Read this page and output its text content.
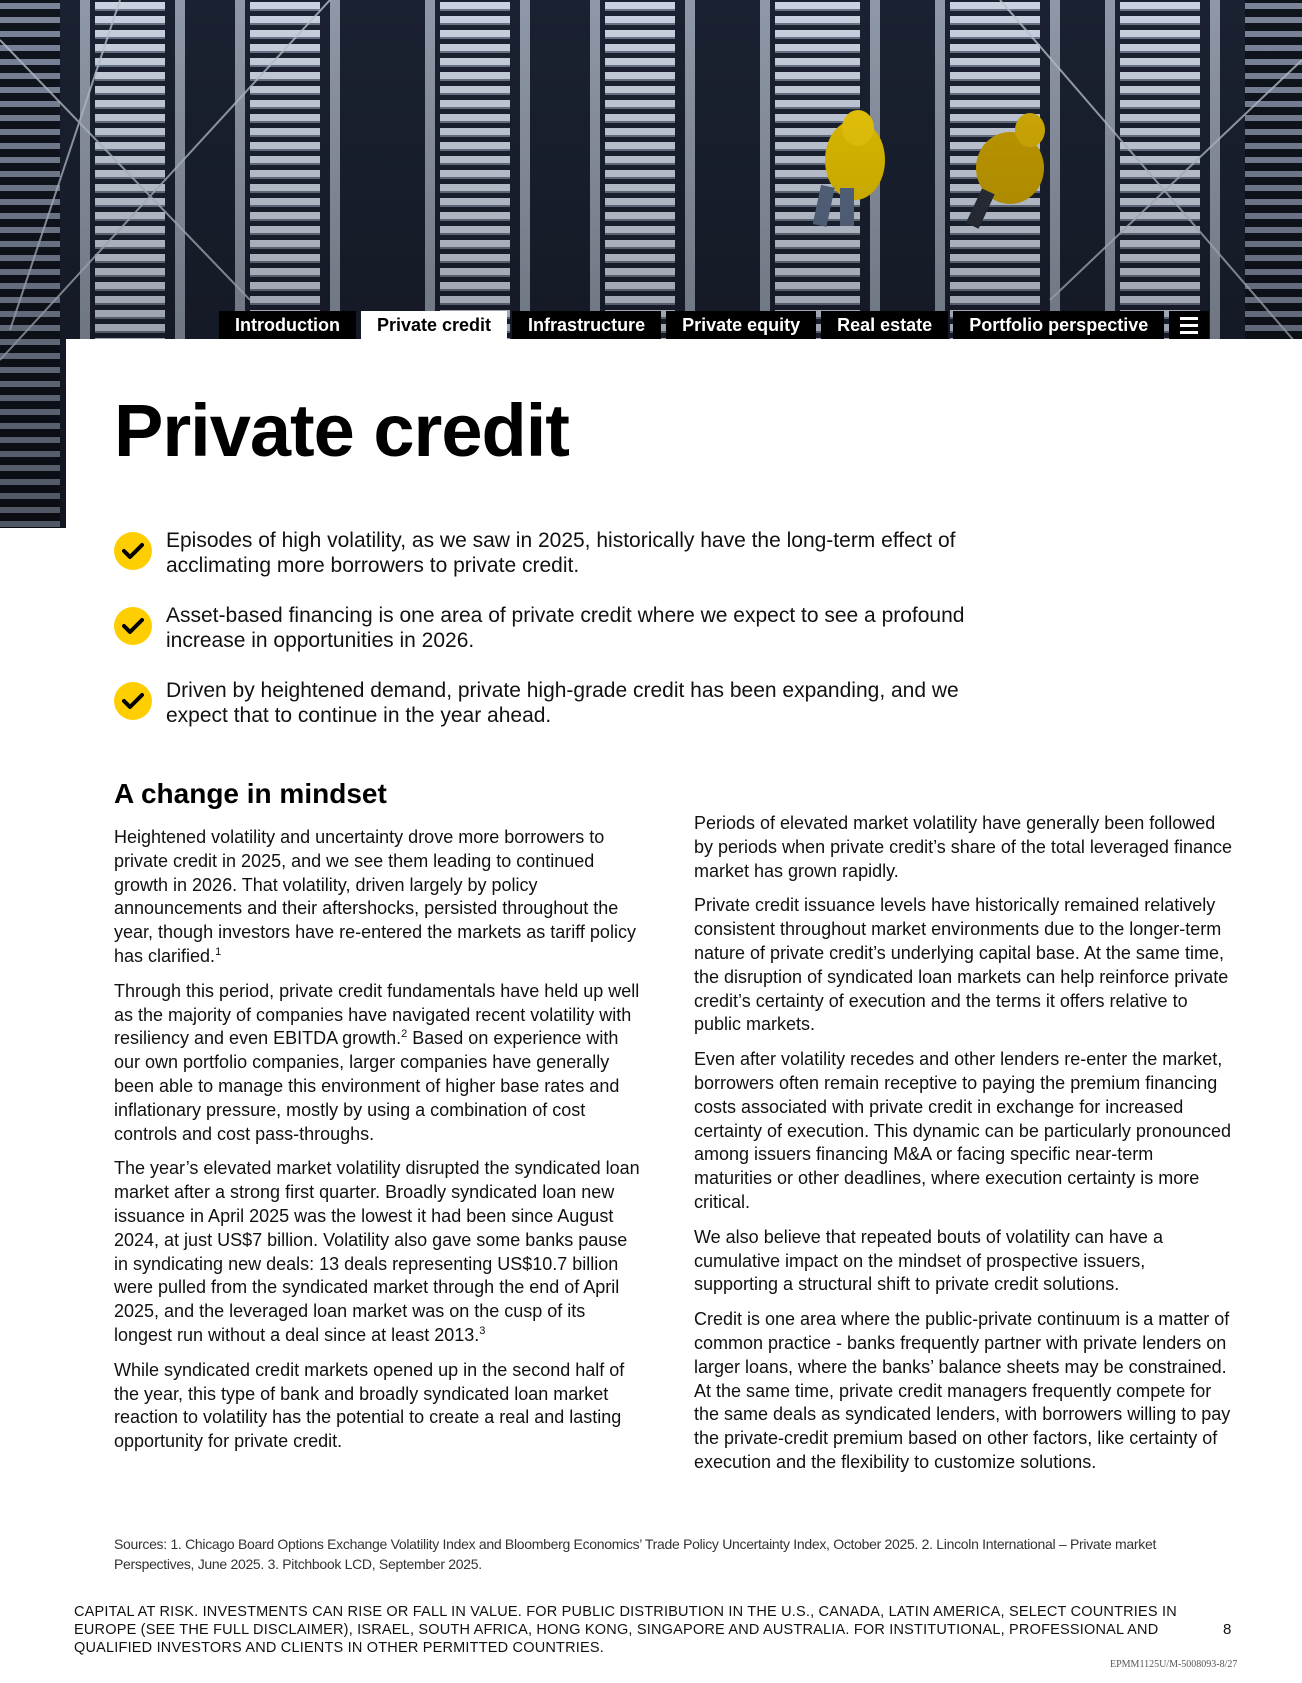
Introduction	Private credit	Infrastructure	Private equity	Real estate	Portfolio perspective
Private credit

Episodes of high volatility, as we saw in 2025, historically have the long-term effect of acclimating more borrowers to private credit.

Asset-based financing is one area of private credit where we expect to see a profound increase in opportunities in 2026.

Driven by heightened demand, private high-grade credit has been expanding, and we expect that to continue in the year ahead.

A change in mindset

Heightened volatility and uncertainty drove more borrowers to private credit in 2025, and we see them leading to continued growth in 2026. That volatility, driven largely by policy announcements and their aftershocks, persisted throughout the year, though investors have re-entered the markets as tariff policy has clarified.$^1$

Through this period, private credit fundamentals have held up well as the majority of companies have navigated recent volatility with resiliency and even EBITDA growth.$^2$ Based on experience with our own portfolio companies, larger companies have generally been able to manage this environment of higher base rates and inflationary pressure, mostly by using a combination of cost controls and cost pass-throughs.

The year’s elevated market volatility disrupted the syndicated loan market after a strong first quarter. Broadly syndicated loan new issuance in April 2025 was the lowest it had been since August 2024, at just US$7 billion. Volatility also gave some banks pause in syndicating new deals: 13 deals representing US$10.7 billion were pulled from the syndicated market through the end of April 2025, and the leveraged loan market was on the cusp of its longest run without a deal since at least 2013.$^3$

While syndicated credit markets opened up in the second half of the year, this type of bank and broadly syndicated loan market reaction to volatility has the potential to create a real and lasting opportunity for private credit.

Periods of elevated market volatility have generally been followed by periods when private credit’s share of the total leveraged finance market has grown rapidly.

Private credit issuance levels have historically remained relatively consistent throughout market environments due to the longer-term nature of private credit’s underlying capital base. At the same time, the disruption of syndicated loan markets can help reinforce private credit’s certainty of execution and the terms it offers relative to public markets.

Even after volatility recedes and other lenders re-enter the market, borrowers often remain receptive to paying the premium financing costs associated with private credit in exchange for increased certainty of execution. This dynamic can be particularly pronounced among issuers financing M&A or facing specific near-term maturities or other deadlines, where execution certainty is more critical.

We also believe that repeated bouts of volatility can have a cumulative impact on the mindset of prospective issuers, supporting a structural shift to private credit solutions.

Credit is one area where the public-private continuum is a matter of common practice - banks frequently partner with private lenders on larger loans, where the banks’ balance sheets may be constrained. At the same time, private credit managers frequently compete for the same deals as syndicated lenders, with borrowers willing to pay the private-credit premium based on other factors, like certainty of execution and the flexibility to customize solutions.

Sources: 1. Chicago Board Options Exchange Volatility Index and Bloomberg Economics’ Trade Policy Uncertainty Index, October 2025. 2. Lincoln International – Private market Perspectives, June 2025. 3. Pitchbook LCD, September 2025.
CAPITAL AT RISK. INVESTMENTS CAN RISE OR FALL IN VALUE. FOR PUBLIC DISTRIBUTION IN THE U.S., CANADA, LATIN AMERICA, SELECT COUNTRIES IN EUROPE (SEE THE FULL DISCLAIMER), ISRAEL, SOUTH AFRICA, HONG KONG, SINGAPORE AND AUSTRALIA. FOR INSTITUTIONAL, PROFESSIONAL AND QUALIFIED INVESTORS AND CLIENTS IN OTHER PERMITTED COUNTRIES.
8
EPMM1125U/M-5008093-8/27
